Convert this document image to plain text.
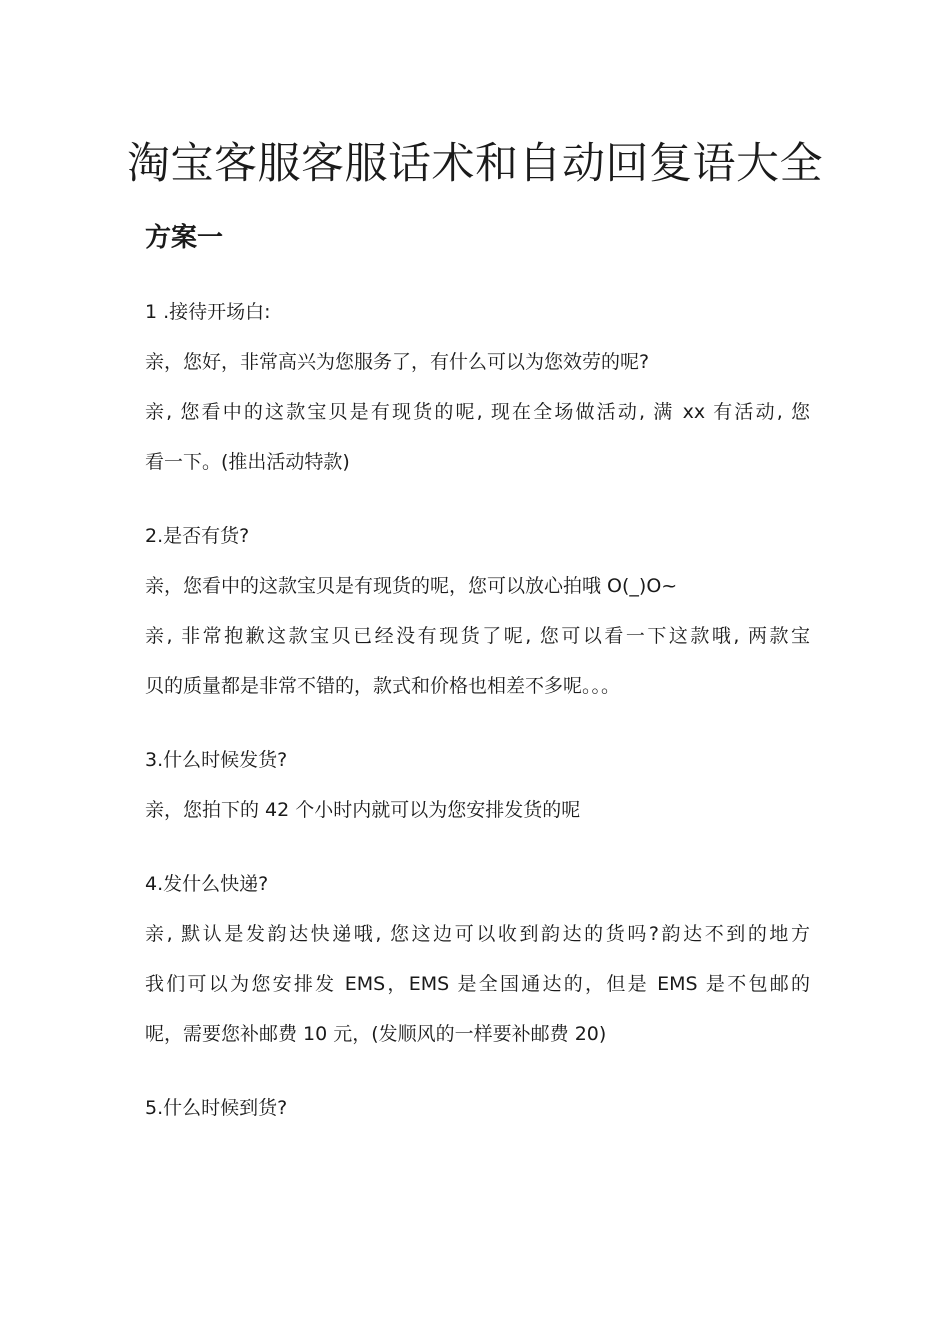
淘宝客服客服话术和自动回复语大全
方案一

1 .接待开场白:

亲，您好，非常高兴为您服务了，有什么可以为您效劳的呢?

亲, 您看中的这款宝贝是有现货的呢, 现在全场做活动, 满 xx 有活动, 您

看一下。(推出活动特款)

2.是否有货?

亲，您看中的这款宝贝是有现货的呢，您可以放心拍哦 O(_)O~

亲, 非常抱歉这款宝贝已经没有现货了呢, 您可以看一下这款哦, 两款宝

贝的质量都是非常不错的，款式和价格也相差不多呢。。。

3.什么时候发货?

亲，您拍下的 42 个小时内就可以为您安排发货的呢

4.发什么快递?

亲, 默认是发韵达快递哦, 您这边可以收到韵达的货吗?韵达不到的地方

我们可以为您安排发 EMS，EMS 是全国通达的，但是 EMS 是不包邮的

呢，需要您补邮费 10 元，(发顺风的一样要补邮费 20)

5.什么时候到货?
